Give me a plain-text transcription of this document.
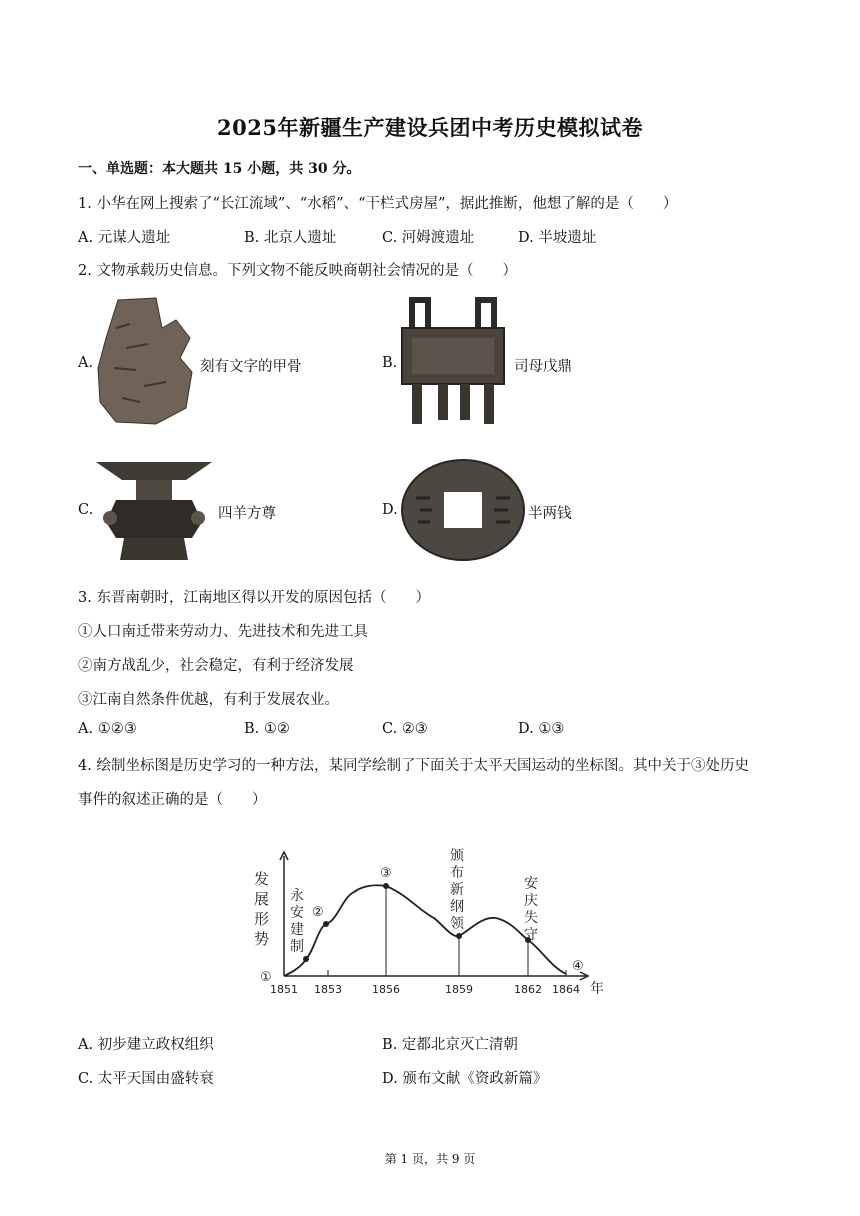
2025年新疆生产建设兵团中考历史模拟试卷
一、单选题：本大题共 15 小题，共 30 分。
1. 小华在网上搜索了“长江流域”、“水稻”、“干栏式房屋”，据此推断，他想了解的是（　　）
A. 元谋人遗址	B. 北京人遗址	C. 河姆渡遗址	D. 半坡遗址
2. 文物承载历史信息。下列文物不能反映商朝社会情况的是（　　）
A.	刻有文字的甲骨	B.	司母戊鼎
C.	四羊方尊	D.	半两钱
3. 东晋南朝时，江南地区得以开发的原因包括（　　）
①人口南迁带来劳动力、先进技术和先进工具
②南方战乱少，社会稳定，有利于经济发展
③江南自然条件优越，有利于发展农业。
A. ①②③	B. ①②	C. ②③	D. ①③
4. 绘制坐标图是历史学习的一种方法，某同学绘制了下面关于太平天国运动的坐标图。其中关于③处历史
事件的叙述正确的是（　　）
发
展
形
势
年
1851 1853	1856	1859	1862 1864
①
②
③
④
永
安
建
制
颁
布
新
纲
领
安
庆
失
守
A. 初步建立政权组织	B. 定都北京灭亡清朝
C. 太平天国由盛转衰	D. 颁布文献《资政新篇》
第 1 页，共 9 页
